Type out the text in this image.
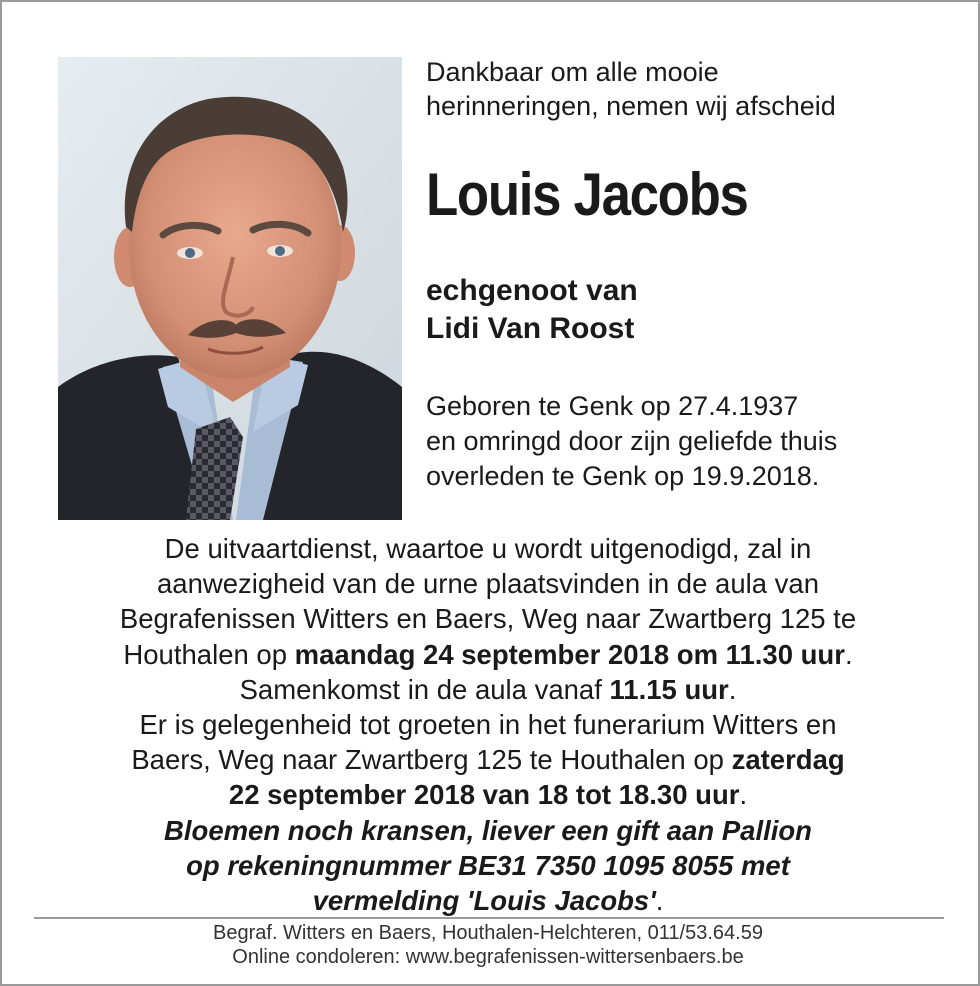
Dankbaar om alle mooie
herinneringen, nemen wij afscheid
Louis Jacobs
echgenoot van
Lidi Van Roost
Geboren te Genk op 27.4.1937
en omringd door zijn geliefde thuis
overleden te Genk op 19.9.2018.
De uitvaartdienst, waartoe u wordt uitgenodigd, zal in
aanwezigheid van de urne plaatsvinden in de aula van
Begrafenissen Witters en Baers, Weg naar Zwartberg 125 te
Houthalen op maandag 24 september 2018 om 11.30 uur.
Samenkomst in de aula vanaf 11.15 uur.
Er is gelegenheid tot groeten in het funerarium Witters en
Baers, Weg naar Zwartberg 125 te Houthalen op zaterdag
22 september 2018 van 18 tot 18.30 uur.
Bloemen noch kransen, liever een gift aan Pallion
op rekeningnummer BE31 7350 1095 8055 met
vermelding 'Louis Jacobs'.
Begraf. Witters en Baers, Houthalen-Helchteren, 011/53.64.59
Online condoleren: www.begrafenissen-wittersenbaers.be
